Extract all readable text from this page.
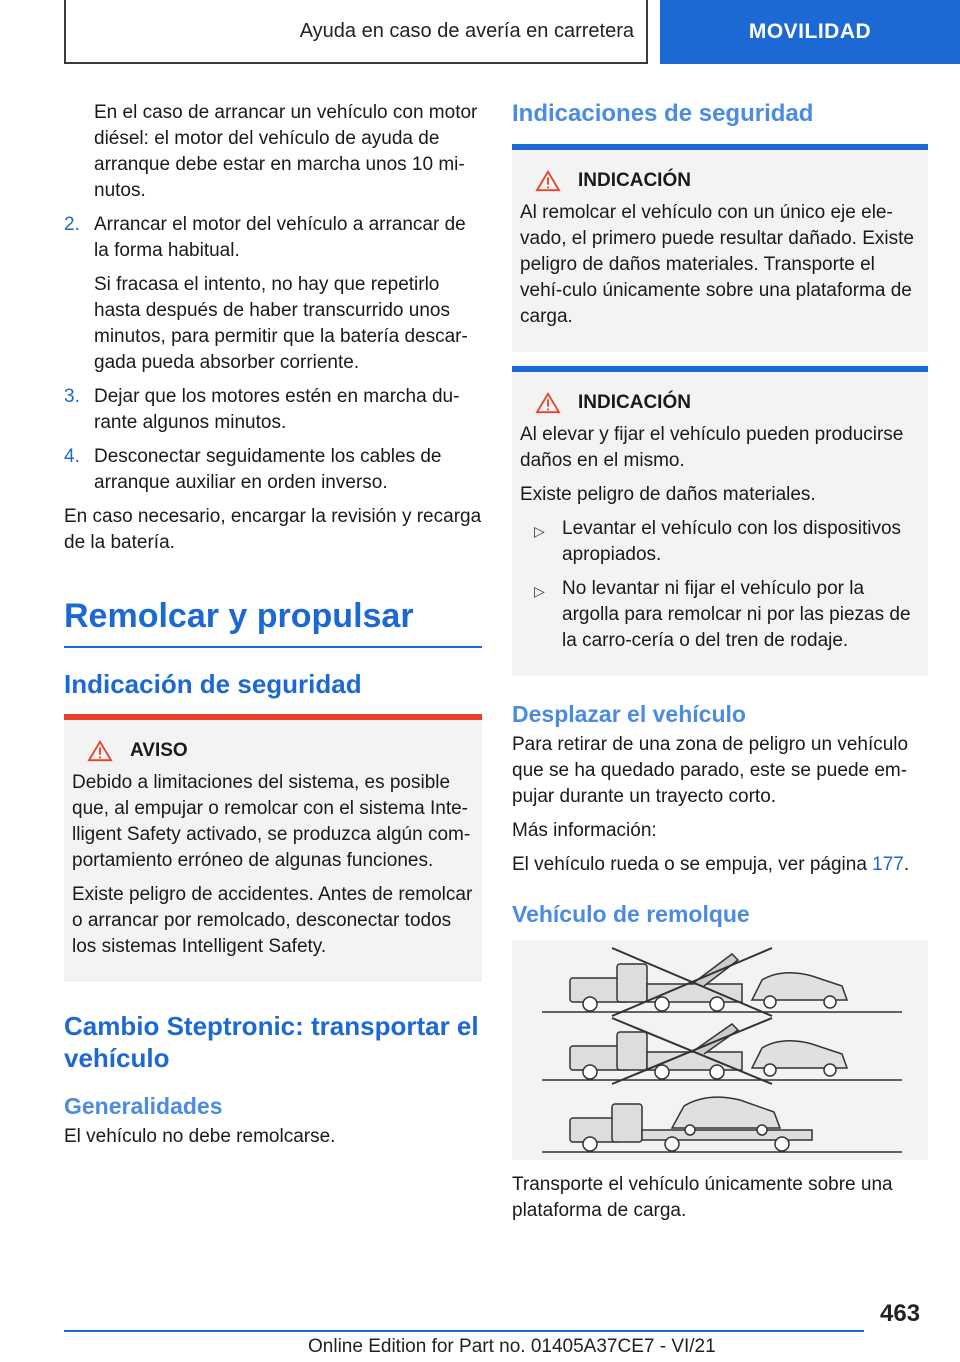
Ayuda en caso de avería en carretera	MOVILIDAD

En el caso de arrancar un vehículo con motor diésel: el motor del vehículo de ayuda de arranque debe estar en marcha unos 10 mi-nutos.

2. Arrancar el motor del vehículo a arrancar de la forma habitual.

Si fracasa el intento, no hay que repetirlo hasta después de haber transcurrido unos minutos, para permitir que la batería descar-gada pueda absorber corriente.

3. Dejar que los motores estén en marcha du-rante algunos minutos.
4. Desconectar seguidamente los cables de arranque auxiliar en orden inverso.

En caso necesario, encargar la revisión y recarga de la batería.

Remolcar y propulsar
Indicación de seguridad
AVISO

Debido a limitaciones del sistema, es posible que, al empujar o remolcar con el sistema Inte-lligent Safety activado, se produzca algún com-portamiento erróneo de algunas funciones.

Existe peligro de accidentes. Antes de remolcar o arrancar por remolcado, desconectar todos los sistemas Intelligent Safety.

Cambio Steptronic: transportar el vehículo
Generalidades

El vehículo no debe remolcarse.

Indicaciones de seguridad
INDICACIÓN

Al remolcar el vehículo con un único eje ele-vado, el primero puede resultar dañado. Existe peligro de daños materiales. Transporte el vehí-culo únicamente sobre una plataforma de carga.

INDICACIÓN

Al elevar y fijar el vehículo pueden producirse daños en el mismo.

Existe peligro de daños materiales.

▷ Levantar el vehículo con los dispositivos apropiados.
▷ No levantar ni fijar el vehículo por la argolla para remolcar ni por las piezas de la carro-cería o del tren de rodaje.
Desplazar el vehículo

Para retirar de una zona de peligro un vehículo que se ha quedado parado, este se puede em-pujar durante un trayecto corto.

Más información:

El vehículo rueda o se empuja, ver página 177.

Vehículo de remolque

Transporte el vehículo únicamente sobre una plataforma de carga.

463
Online Edition for Part no. 01405A37CE7 - VI/21
